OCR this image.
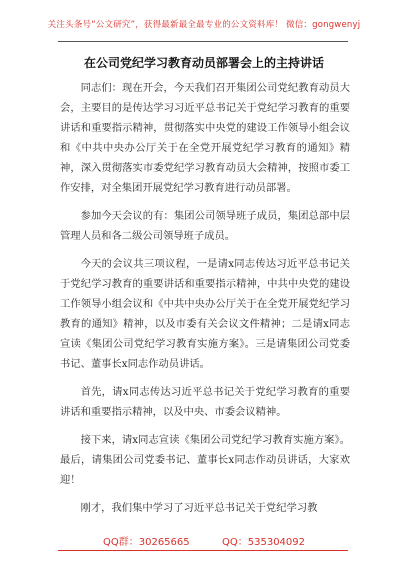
关注头条号“公文研究”，获得最新最全最专业的公文资料库！ 微信：gongwenyj
在公司党纪学习教育动员部署会上的主持讲话

同志们：现在开会，今天我们召开集团公司党纪教育动员大会，主要目的是传达学习习近平总书记关于党纪学习教育的重要讲话和重要指示精神，贯彻落实中央党的建设工作领导小组会议和《中共中央办公厅关于在全党开展党纪学习教育的通知》精神，深入贯彻落实市委党纪学习教育动员大会精神，按照市委工作安排，对全集团开展党纪学习教育进行动员部署。

参加今天会议的有：集团公司领导班子成员，集团总部中层管理人员和各二级公司领导班子成员。

今天的会议共三项议程，一是请x同志传达习近平总书记关于党纪学习教育的重要讲话和重要指示精神，中共中央党的建设工作领导小组会议和《中共中央办公厅关于在全党开展党纪学习教育的通知》精神，以及市委有关会议文件精神；二是请x同志宣读《集团公司党纪学习教育实施方案》。三是请集团公司党委书记、董事长x同志作动员讲话。

首先，请x同志传达习近平总书记关于党纪学习教育的重要讲话和重要指示精神，以及中央、市委会议精神。

接下来，请x同志宣读《集团公司党纪学习教育实施方案》。最后，请集团公司党委书记、董事长x同志作动员讲话，大家欢迎！

刚才，我们集中学习了习近平总书记关于党纪学习教

QQ群：30265665	QQ：535304092
